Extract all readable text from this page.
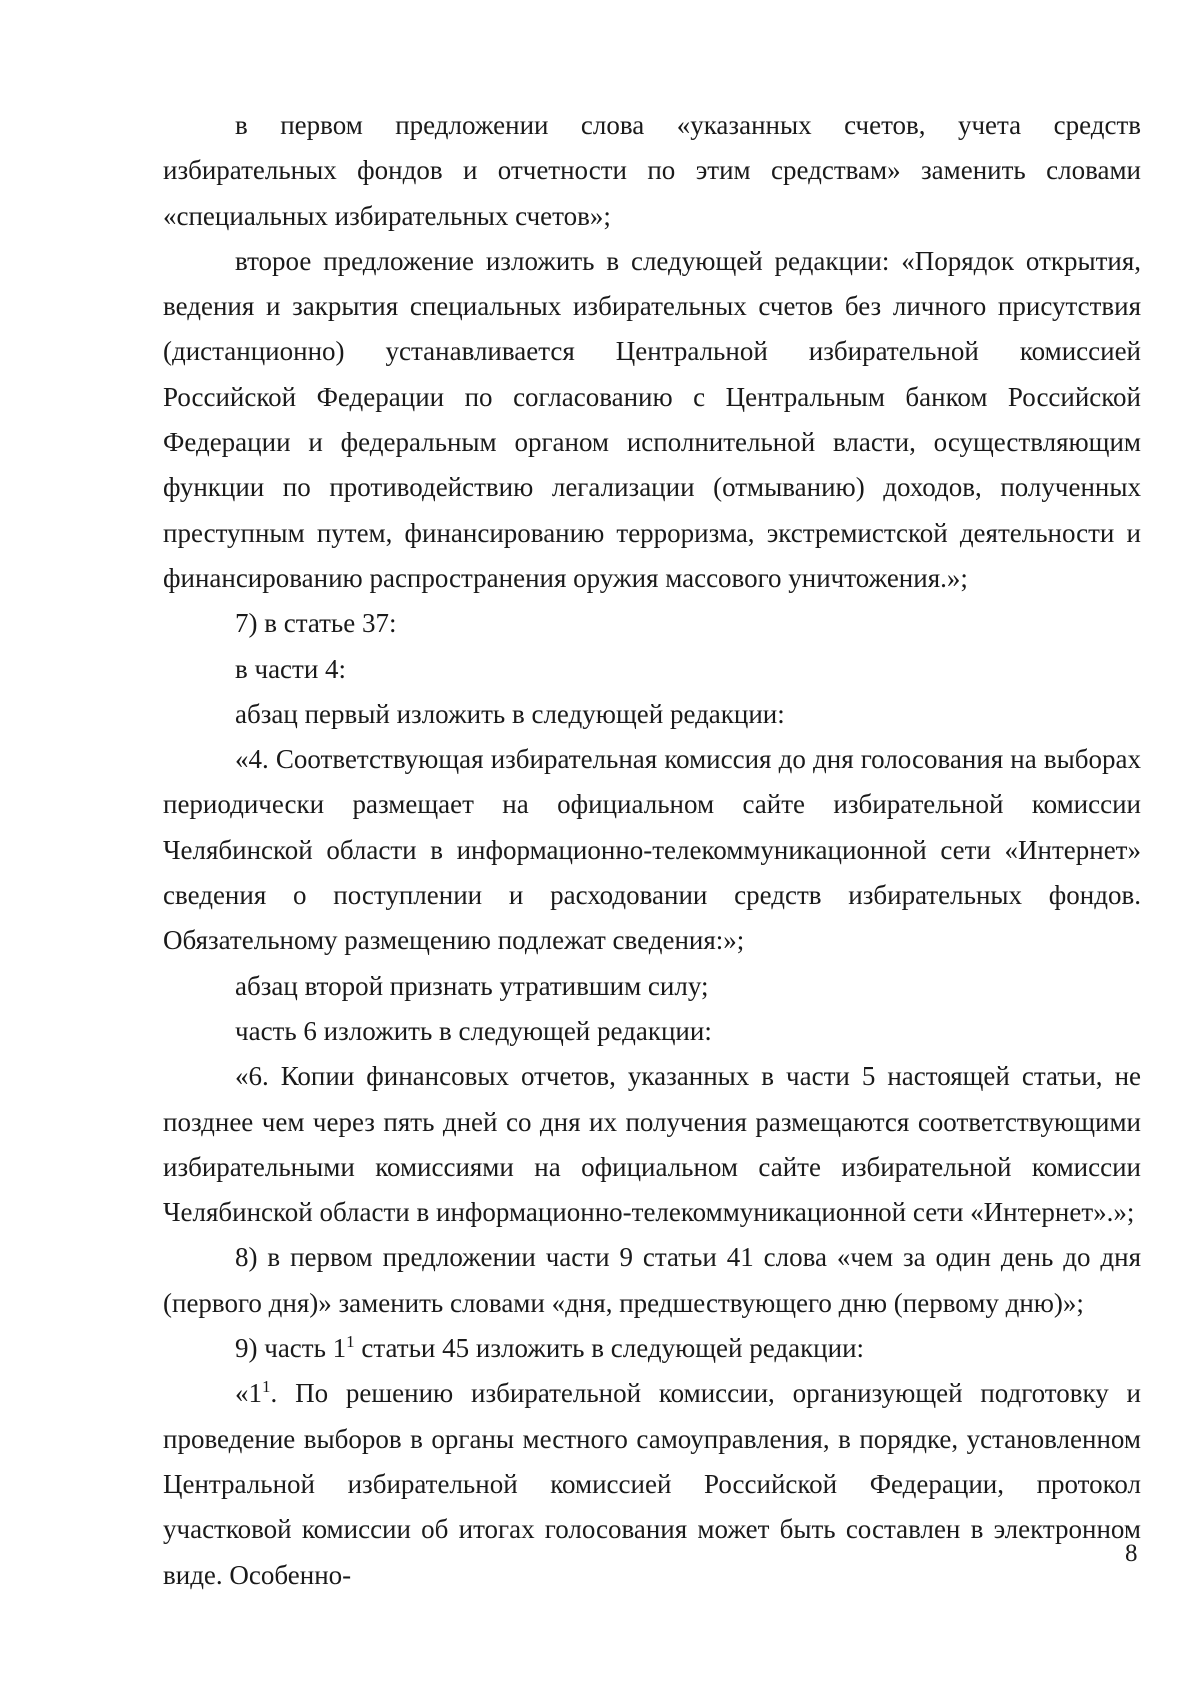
в первом предложении слова «указанных счетов, учета средств избирательных фондов и отчетности по этим средствам» заменить словами «специальных избирательных счетов»;

второе предложение изложить в следующей редакции: «Порядок открытия, ведения и закрытия специальных избирательных счетов без личного присутствия (дистанционно) устанавливается Центральной избирательной комиссией Российской Федерации по согласованию с Центральным банком Российской Федерации и федеральным органом исполнительной власти, осуществляющим функции по противодействию легализации (отмыванию) доходов, полученных преступным путем, финансированию терроризма, экстремистской деятельности и финансированию распространения оружия массового уничтожения.»;

7) в статье 37:

в части 4:

абзац первый изложить в следующей редакции:

«4. Соответствующая избирательная комиссия до дня голосования на выборах периодически размещает на официальном сайте избирательной комиссии Челябинской области в информационно-телекоммуникационной сети «Интернет» сведения о поступлении и расходовании средств избирательных фондов. Обязательному размещению подлежат сведения:»;

абзац второй признать утратившим силу;

часть 6 изложить в следующей редакции:

«6. Копии финансовых отчетов, указанных в части 5 настоящей статьи, не позднее чем через пять дней со дня их получения размещаются соответствующими избирательными комиссиями на официальном сайте избирательной комиссии Челябинской области в информационно-телекоммуникационной сети «Интернет».»;

8) в первом предложении части 9 статьи 41 слова «чем за один день до дня (первого дня)» заменить словами «дня, предшествующего дню (первому дню)»;

9) часть $1^1$ статьи 45 изложить в следующей редакции:

«$1^1$. По решению избирательной комиссии, организующей подготовку и проведение выборов в органы местного самоуправления, в порядке, установленном Центральной избирательной комиссией Российской Федерации, протокол участковой комиссии об итогах голосования может быть составлен в электронном виде. Особенно-

8
